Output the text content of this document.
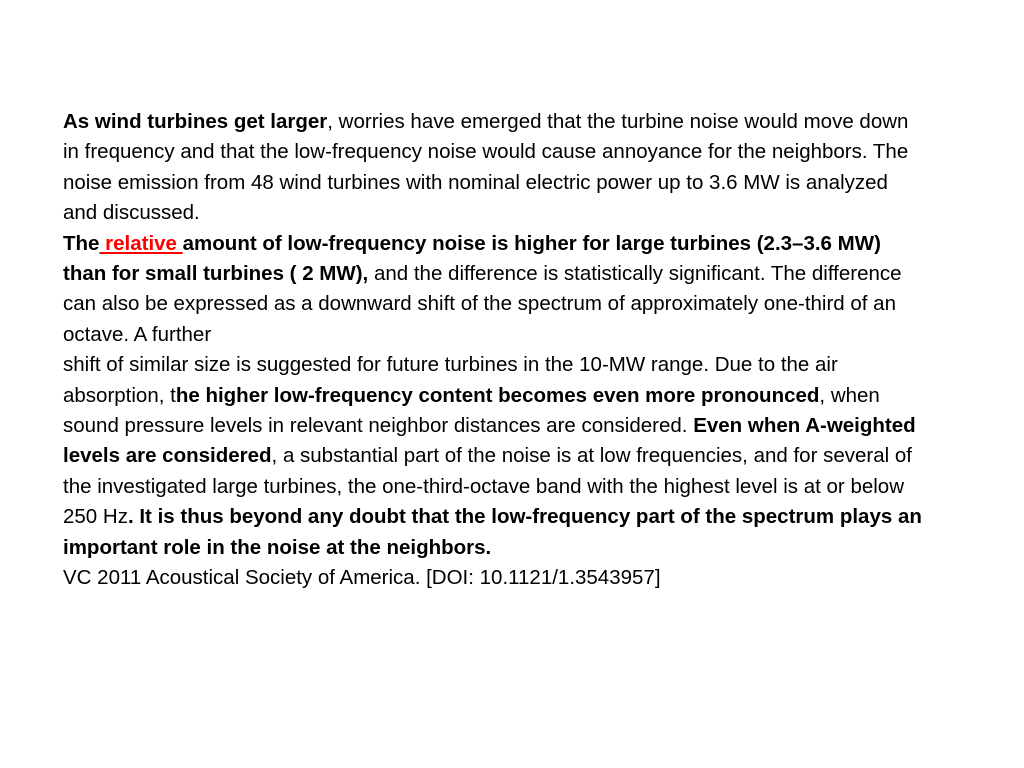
As wind turbines get larger, worries have emerged that the turbine noise would move down in frequency and that the low-frequency noise would cause annoyance for the neighbors. The noise emission from 48 wind turbines with nominal electric power up to 3.6 MW is analyzed and discussed.

The relative amount of low-frequency noise is higher for large turbines (2.3–3.6 MW) than for small turbines ( 2 MW), and the difference is statistically significant. The difference can also be expressed as a downward shift of the spectrum of approximately one-third of an octave. A further

shift of similar size is suggested for future turbines in the 10-MW range. Due to the air absorption, the higher low-frequency content becomes even more pronounced, when sound pressure levels in relevant neighbor distances are considered. Even when A-weighted levels are considered, a substantial part of the noise is at low frequencies, and for several of the investigated large turbines, the one-third-octave band with the highest level is at or below 250 Hz. It is thus beyond any doubt that the low-frequency part of the spectrum plays an important role in the noise at the neighbors.

VC 2011 Acoustical Society of America. [DOI: 10.1121/1.3543957]
